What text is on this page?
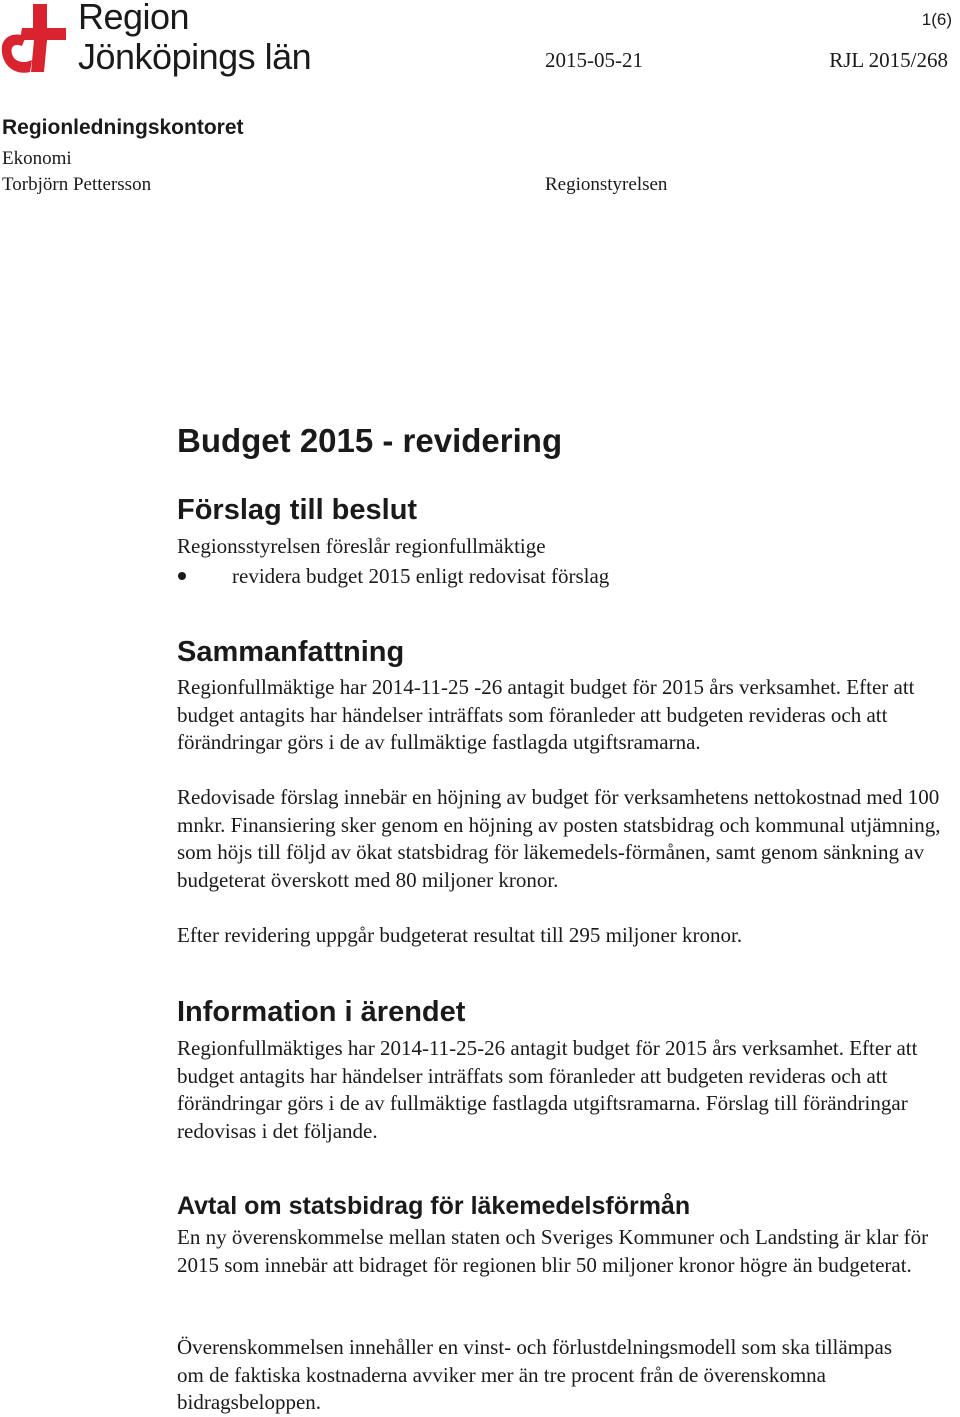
Region
Jönköpings län
1(6)
2015-05-21	RJL 2015/268
Regionledningskontoret
Ekonomi
Torbjörn Pettersson	Regionstyrelsen
Budget 2015 - revidering
Förslag till beslut

Regionsstyrelsen föreslår regionfullmäktige

revidera budget 2015 enligt redovisat förslag
Sammanfattning

Regionfullmäktige har 2014-11-25 -26 antagit budget för 2015 års verksamhet. Efter att budget antagits har händelser inträffats som föranleder att budgeten revideras och att förändringar görs i de av fullmäktige fastlagda utgiftsramarna.

Redovisade förslag innebär en höjning av budget för verksamhetens nettokostnad med 100 mnkr. Finansiering sker genom en höjning av posten statsbidrag och kommunal utjämning, som höjs till följd av ökat statsbidrag för läkemedels-förmånen, samt genom sänkning av budgeterat överskott med 80 miljoner kronor.

Efter revidering uppgår budgeterat resultat till 295 miljoner kronor.

Information i ärendet

Regionfullmäktiges har 2014-11-25-26 antagit budget för 2015 års verksamhet. Efter att budget antagits har händelser inträffats som föranleder att budgeten revideras och att förändringar görs i de av fullmäktige fastlagda utgiftsramarna. Förslag till förändringar redovisas i det följande.

Avtal om statsbidrag för läkemedelsförmån

En ny överenskommelse mellan staten och Sveriges Kommuner och Landsting är klar för 2015 som innebär att bidraget för regionen blir 50 miljoner kronor högre än budgeterat.

Överenskommelsen innehåller en vinst- och förlustdelningsmodell som ska tillämpas om de faktiska kostnaderna avviker mer än tre procent från de överenskomna bidragsbeloppen.
